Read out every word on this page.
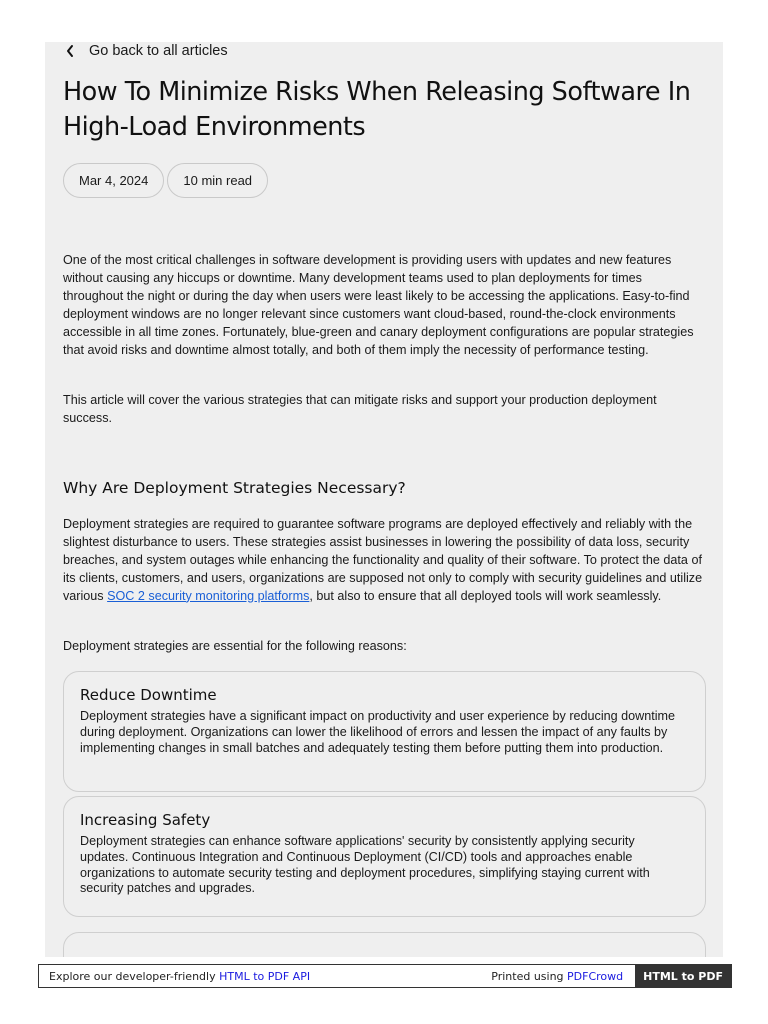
Go back to all articles
How To Minimize Risks When Releasing Software In High-Load Environments
Mar 4, 2024	10 min read

One of the most critical challenges in software development is providing users with updates and new features without causing any hiccups or downtime. Many development teams used to plan deployments for times throughout the night or during the day when users were least likely to be accessing the applications. Easy-to-find deployment windows are no longer relevant since customers want cloud-based, round-the-clock environments accessible in all time zones. Fortunately, blue-green and canary deployment configurations are popular strategies that avoid risks and downtime almost totally, and both of them imply the necessity of performance testing.

This article will cover the various strategies that can mitigate risks and support your production deployment success.

Why Are Deployment Strategies Necessary?

Deployment strategies are required to guarantee software programs are deployed effectively and reliably with the slightest disturbance to users. These strategies assist businesses in lowering the possibility of data loss, security breaches, and system outages while enhancing the functionality and quality of their software. To protect the data of its clients, customers, and users, organizations are supposed not only to comply with security guidelines and utilize various SOC 2 security monitoring platforms, but also to ensure that all deployed tools will work seamlessly.

Deployment strategies are essential for the following reasons:

Reduce Downtime

Deployment strategies have a significant impact on productivity and user experience by reducing downtime during deployment. Organizations can lower the likelihood of errors and lessen the impact of any faults by implementing changes in small batches and adequately testing them before putting them into production.

Increasing Safety

Deployment strategies can enhance software applications' security by consistently applying security updates. Continuous Integration and Continuous Deployment (CI/CD) tools and approaches enable organizations to automate security testing and deployment procedures, simplifying staying current with security patches and upgrades.

Explore our developer-friendly HTML to PDF API	Printed using PDFCrowd	HTML to PDF
